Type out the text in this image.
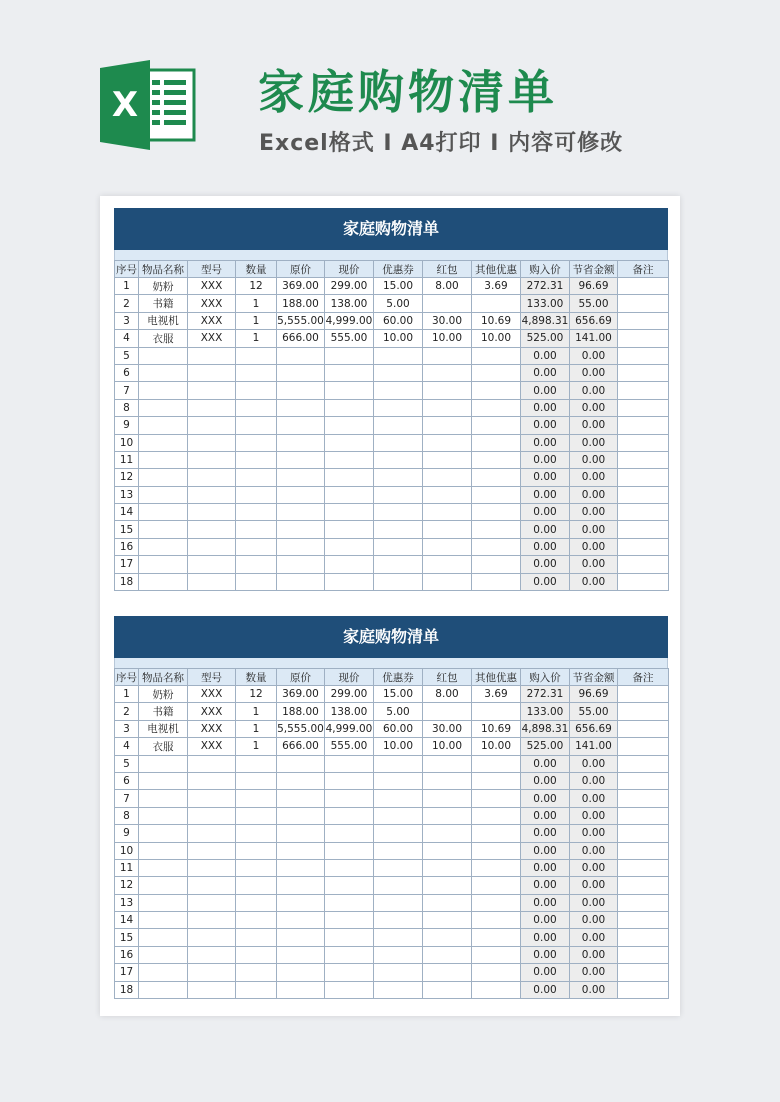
X	家庭购物清单
Excel格式 I A4打印 I 内容可修改
家庭购物清单
序号	物品名称	型号	数量	原价	现价	优惠券	红包	其他优惠	购入价	节省金额	备注
1	奶粉	XXX	12	369.00	299.00	15.00	8.00	3.69	272.31	96.69	
2	书籍	XXX	1	188.00	138.00	5.00			133.00	55.00	
3	电视机	XXX	1	5,555.00	4,999.00	60.00	30.00	10.69	4,898.31	656.69	
4	衣服	XXX	1	666.00	555.00	10.00	10.00	10.00	525.00	141.00	
5									0.00	0.00	
6									0.00	0.00	
7									0.00	0.00	
8									0.00	0.00	
9									0.00	0.00	
10									0.00	0.00	
11									0.00	0.00	
12									0.00	0.00	
13									0.00	0.00	
14									0.00	0.00	
15									0.00	0.00	
16									0.00	0.00	
17									0.00	0.00	
18									0.00	0.00	
家庭购物清单
序号	物品名称	型号	数量	原价	现价	优惠券	红包	其他优惠	购入价	节省金额	备注
1	奶粉	XXX	12	369.00	299.00	15.00	8.00	3.69	272.31	96.69	
2	书籍	XXX	1	188.00	138.00	5.00			133.00	55.00	
3	电视机	XXX	1	5,555.00	4,999.00	60.00	30.00	10.69	4,898.31	656.69	
4	衣服	XXX	1	666.00	555.00	10.00	10.00	10.00	525.00	141.00	
5									0.00	0.00	
6									0.00	0.00	
7									0.00	0.00	
8									0.00	0.00	
9									0.00	0.00	
10									0.00	0.00	
11									0.00	0.00	
12									0.00	0.00	
13									0.00	0.00	
14									0.00	0.00	
15									0.00	0.00	
16									0.00	0.00	
17									0.00	0.00	
18									0.00	0.00	
